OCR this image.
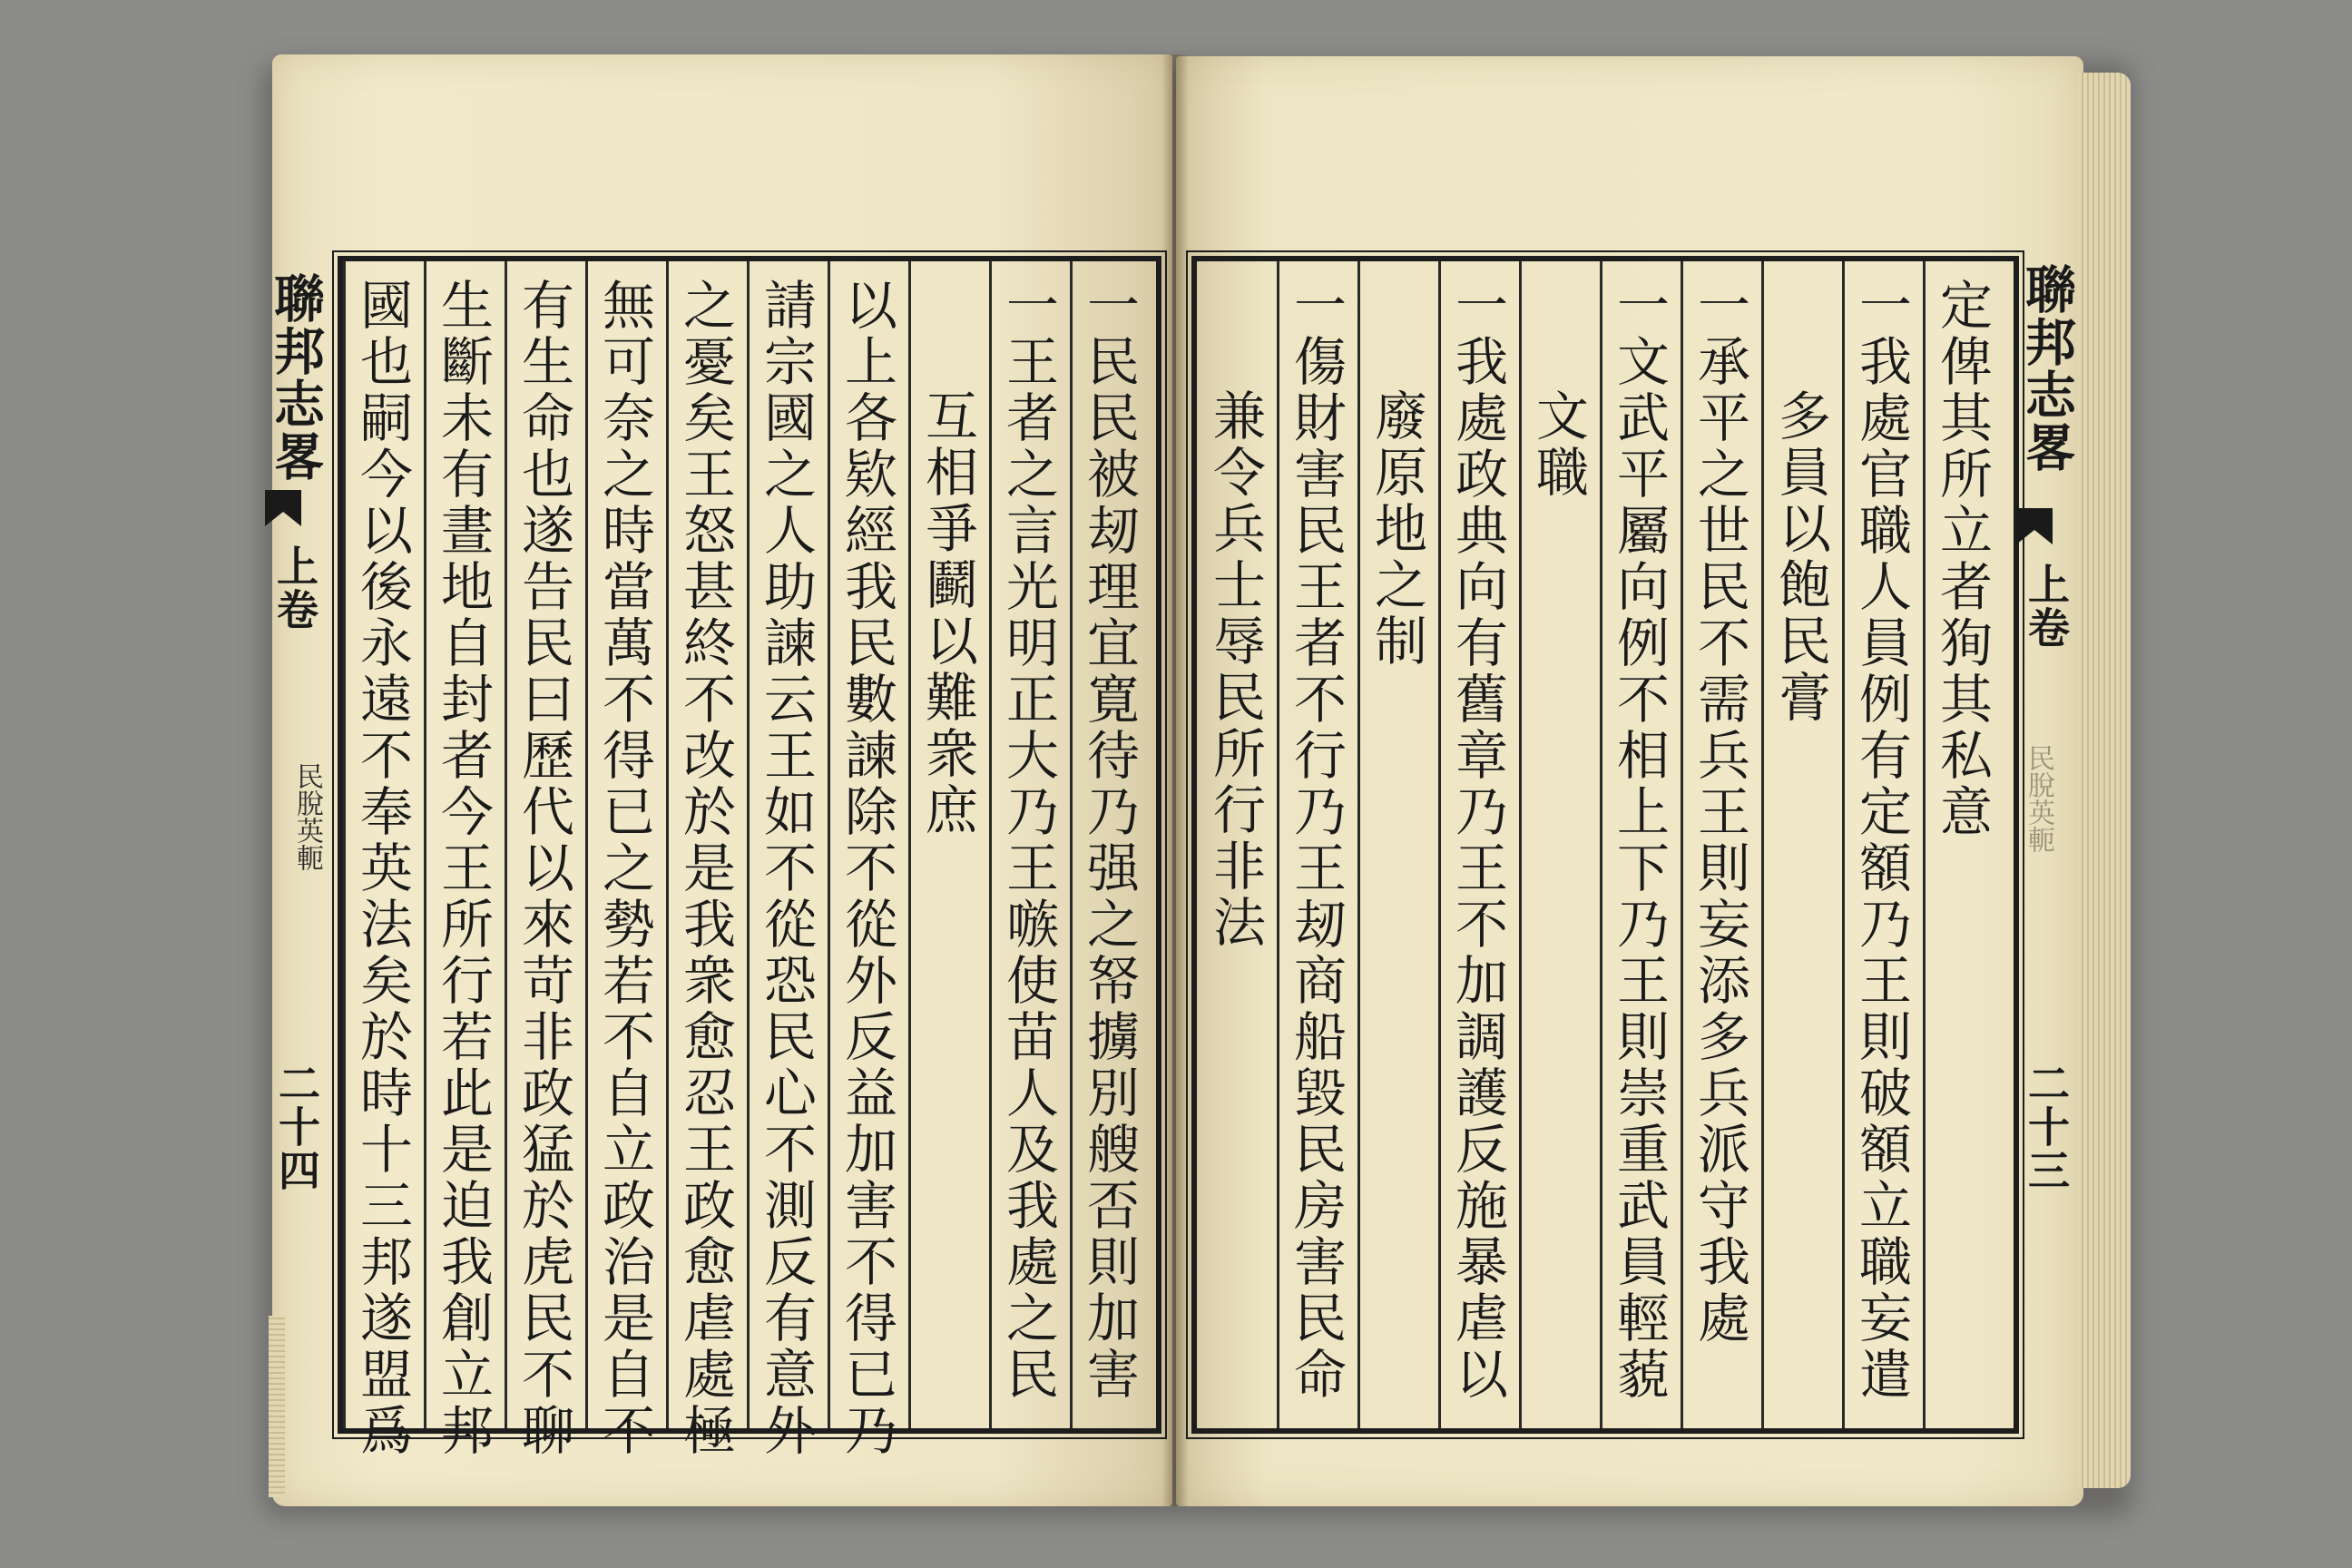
一民民被刼理宜寛待乃强之帑擄別艘否則加害
一王者之言光明正大乃王嗾使苗人及我處之民
互相爭鬬以難衆庶
以上各欵經我民數諫除不從外反益加害不得已乃
請宗國之人助諫云王如不從恐民心不測反有意外
之憂矣王怒甚終不改於是我衆愈忍王政愈虐處極
無可奈之時當萬不得已之勢若不自立政治是自不
有生命也遂告民曰歷代以來苛非政猛於虎民不聊
生斷未有晝地自封者今王所行若此是迫我創立邦
國也嗣今以後永遠不奉英法矣於時十三邦遂盟爲
聯邦志畧
上卷
民脫英軛
二十四
定俾其所立者狥其私意
一我處官職人員例有定額乃王則破額立職妄遣
多員以飽民膏
一承平之世民不需兵王則妄添多兵派守我處
一文武平屬向例不相上下乃王則崇重武員輕藐
文職
一我處政典向有舊章乃王不加調護反施暴虐以
廢原地之制
一傷財害民王者不行乃王刼商船毀民房害民命
兼令兵士辱民所行非法
聯邦志畧
上卷
民脫英軛
二十三
